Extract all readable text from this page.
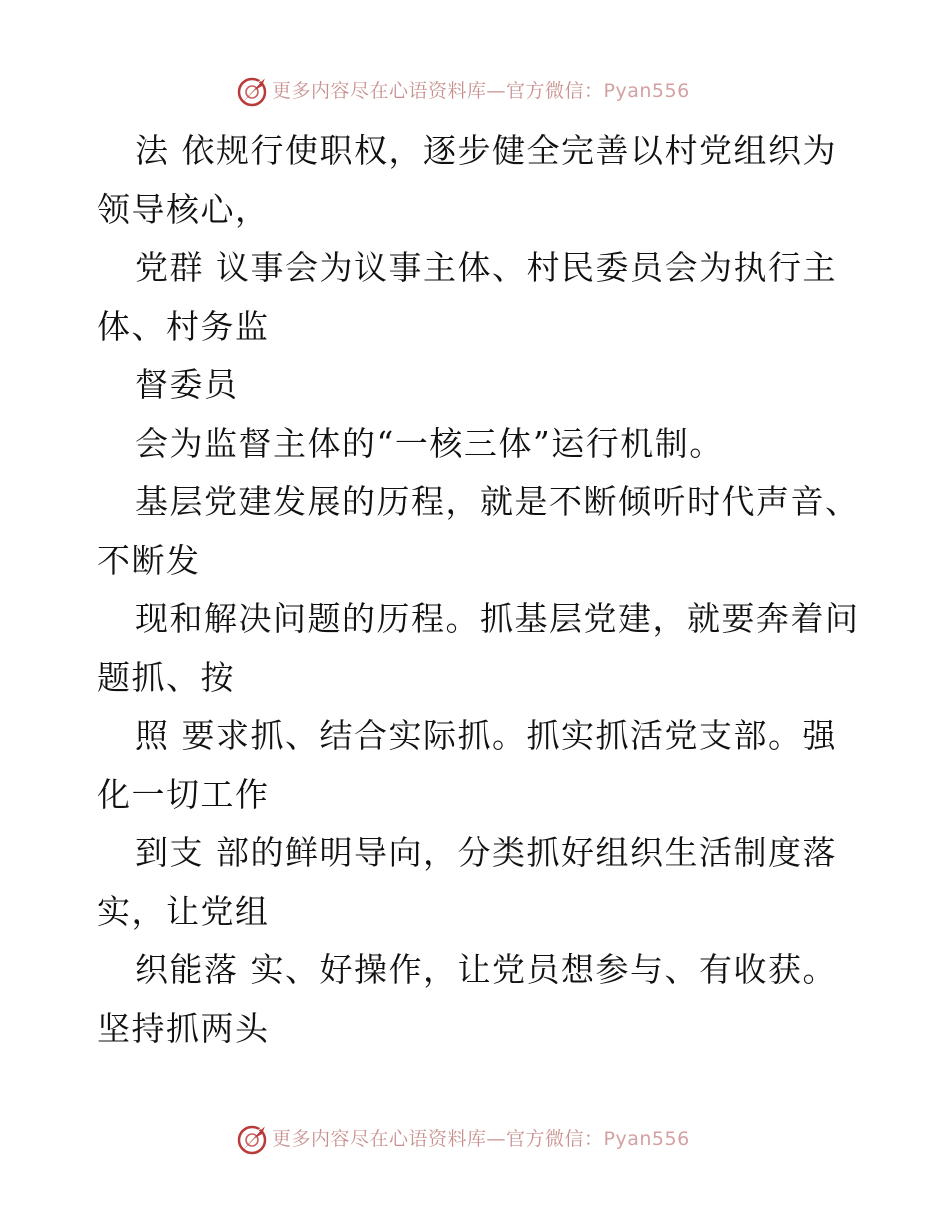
更多内容尽在心语资料库—官方微信：Pyan556
法 依规行使职权，逐步健全完善以村党组织为
领导核心，
党群 议事会为议事主体、村民委员会为执行主
体、村务监
督委员
会为监督主体的“一核三体”运行机制。
基层党建发展的历程，就是不断倾听时代声音、
不断发
现和解决问题的历程。抓基层党建，就要奔着问
题抓、按
照 要求抓、结合实际抓。抓实抓活党支部。强
化一切工作
到支 部的鲜明导向，分类抓好组织生活制度落
实，让党组
织能落 实、好操作，让党员想参与、有收获。
坚持抓两头
更多内容尽在心语资料库—官方微信：Pyan556
